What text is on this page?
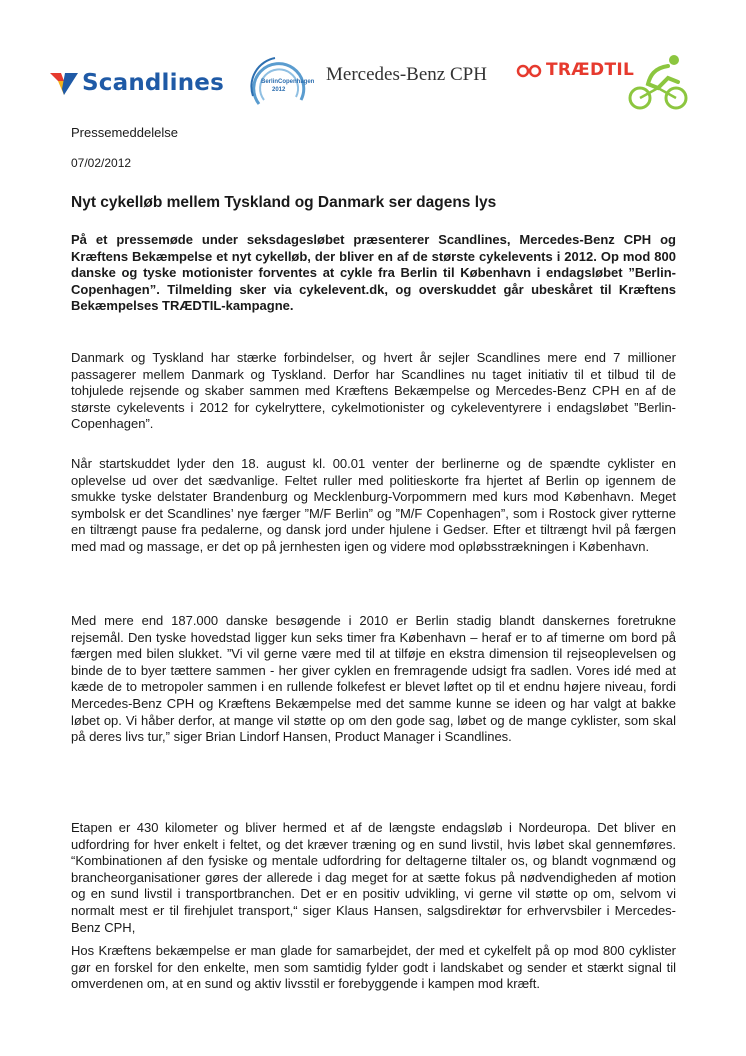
Scandlines	BerlinCopenhagen
2012
Mercedes-Benz CPH	TRÆDTIL
Pressemeddelelse
07/02/2012
Nyt cykelløb mellem Tyskland og Danmark ser dagens lys

På et pressemøde under seksdagesløbet præsenterer Scandlines, Mercedes-Benz CPH og Kræftens Bekæmpelse et nyt cykelløb, der bliver en af de største cykelevents i 2012. Op mod 800 danske og tyske motionister forventes at cykle fra Berlin til København i endagsløbet ”Berlin-Copenhagen”. Tilmelding sker via cykelevent.dk, og overskuddet går ubeskåret til Kræftens Bekæmpelses TRÆDTIL-kampagne.

Danmark og Tyskland har stærke forbindelser, og hvert år sejler Scandlines mere end 7 millioner passagerer mellem Danmark og Tyskland. Derfor har Scandlines nu taget initiativ til et tilbud til de tohjulede rejsende og skaber sammen med Kræftens Bekæmpelse og Mercedes-Benz CPH en af de største cykelevents i 2012 for cykelryttere, cykelmotionister og cykeleventyrere i endagsløbet ”Berlin-Copenhagen”.

Når startskuddet lyder den 18. august kl. 00.01 venter der berlinerne og de spændte cyklister en oplevelse ud over det sædvanlige. Feltet ruller med politieskorte fra hjertet af Berlin op igennem de smukke tyske delstater Brandenburg og Mecklenburg-Vorpommern med kurs mod København. Meget symbolsk er det Scandlines’ nye færger ”M/F Berlin” og ”M/F Copenhagen”, som i Rostock giver rytterne en tiltrængt pause fra pedalerne, og dansk jord under hjulene i Gedser. Efter et tiltrængt hvil på færgen med mad og massage, er det op på jernhesten igen og videre mod opløbsstrækningen i København.

Med mere end 187.000 danske besøgende i 2010 er Berlin stadig blandt danskernes foretrukne rejsemål. Den tyske hovedstad ligger kun seks timer fra København – heraf er to af timerne om bord på færgen med bilen slukket. ”Vi vil gerne være med til at tilføje en ekstra dimension til rejseoplevelsen og binde de to byer tættere sammen - her giver cyklen en fremragende udsigt fra sadlen. Vores idé med at kæde de to metropoler sammen i en rullende folkefest er blevet løftet op til et endnu højere niveau, fordi Mercedes-Benz CPH og Kræftens Bekæmpelse med det samme kunne se ideen og har valgt at bakke løbet op. Vi håber derfor, at mange vil støtte op om den gode sag, løbet og de mange cyklister, som skal på deres livs tur,” siger Brian Lindorf Hansen, Product Manager i Scandlines.

Etapen er 430 kilometer og bliver hermed et af de længste endagsløb i Nordeuropa. Det bliver en udfordring for hver enkelt i feltet, og det kræver træning og en sund livstil, hvis løbet skal gennemføres. “Kombinationen af den fysiske og mentale udfordring for deltagerne tiltaler os, og blandt vognmænd og brancheorganisationer gøres der allerede i dag meget for at sætte fokus på nødvendigheden af motion og en sund livstil i transportbranchen. Det er en positiv udvikling, vi gerne vil støtte op om, selvom vi normalt mest er til firehjulet transport,“ siger Klaus Hansen, salgsdirektør for erhvervsbiler i Mercedes-Benz CPH,

Hos Kræftens bekæmpelse er man glade for samarbejdet, der med et cykelfelt på op mod 800 cyklister gør en forskel for den enkelte, men som samtidig fylder godt i landskabet og sender et stærkt signal til omverdenen om, at en sund og aktiv livsstil er forebyggende i kampen mod kræft.
